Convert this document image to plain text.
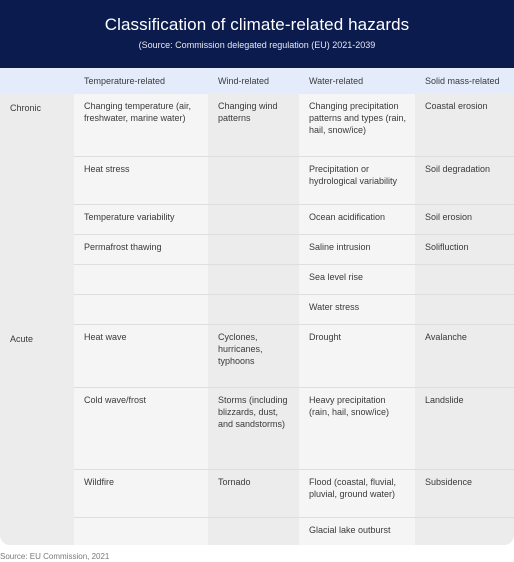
Classification of climate-related hazards
(Source: Commission delegated regulation (EU) 2021-2039
	Temperature-related	Wind-related	Water-related	Solid mass-related
Chronic	Changing temperature (air, freshwater, marine water)	Changing wind patterns	Changing precipitation patterns and types (rain, hail, snow/ice)	Coastal erosion
	Heat stress		Precipitation or hydrological variability	Soil degradation
	Temperature variability		Ocean acidification	Soil erosion
	Permafrost thawing		Saline intrusion	Solifluction
			Sea level rise	
			Water stress	
Acute	Heat wave	Cyclones, hurricanes, typhoons	Drought	Avalanche
	Cold wave/frost	Storms (including blizzards, dust, and sandstorms)	Heavy precipitation (rain, hail, snow/ice)	Landslide
	Wildfire	Tornado	Flood (coastal, fluvial, pluvial, ground water)	Subsidence
			Glacial lake outburst	
Source: EU Commission, 2021
